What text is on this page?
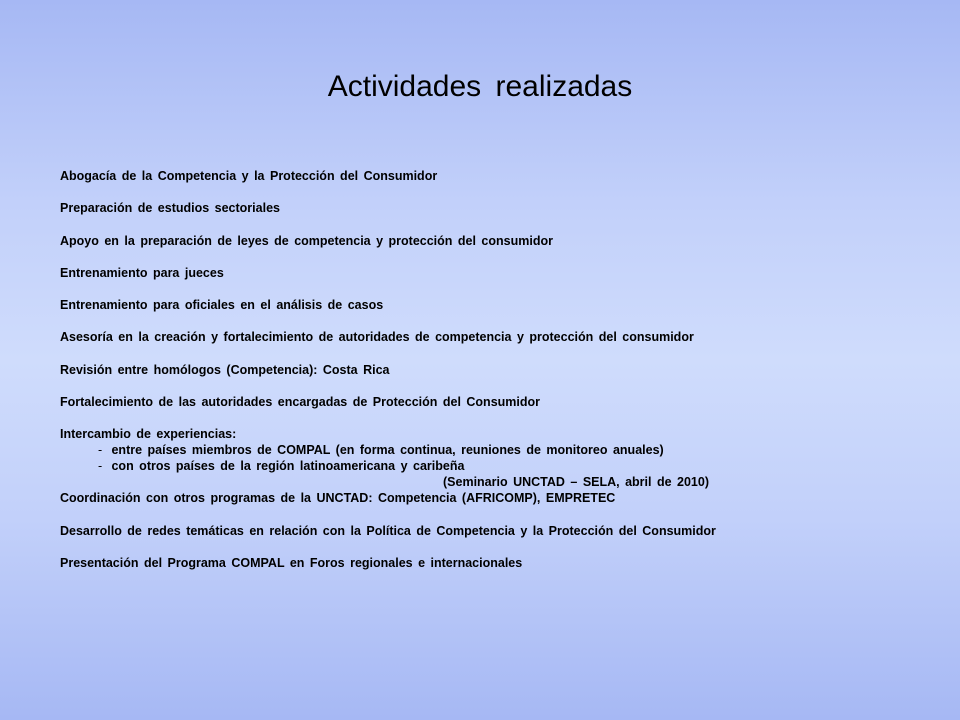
Actividades realizadas
Abogacía de la Competencia y la Protección del Consumidor
Preparación de estudios sectoriales
Apoyo en la preparación de leyes de competencia y protección del consumidor
Entrenamiento para jueces
Entrenamiento para oficiales en el análisis de casos
Asesoría en la creación y fortalecimiento de autoridades de competencia y protección del consumidor
Revisión entre homólogos (Competencia): Costa Rica
Fortalecimiento de las autoridades encargadas de Protección del Consumidor
Intercambio de experiencias:
- entre países miembros de COMPAL (en forma continua, reuniones de monitoreo anuales)
- con otros países de la región latinoamericana y caribeña
(Seminario UNCTAD – SELA, abril de 2010)
Coordinación con otros programas de la UNCTAD: Competencia (AFRICOMP), EMPRETEC
Desarrollo de redes temáticas en relación con la Política de Competencia y la Protección del Consumidor
Presentación del Programa COMPAL en Foros regionales e internacionales
